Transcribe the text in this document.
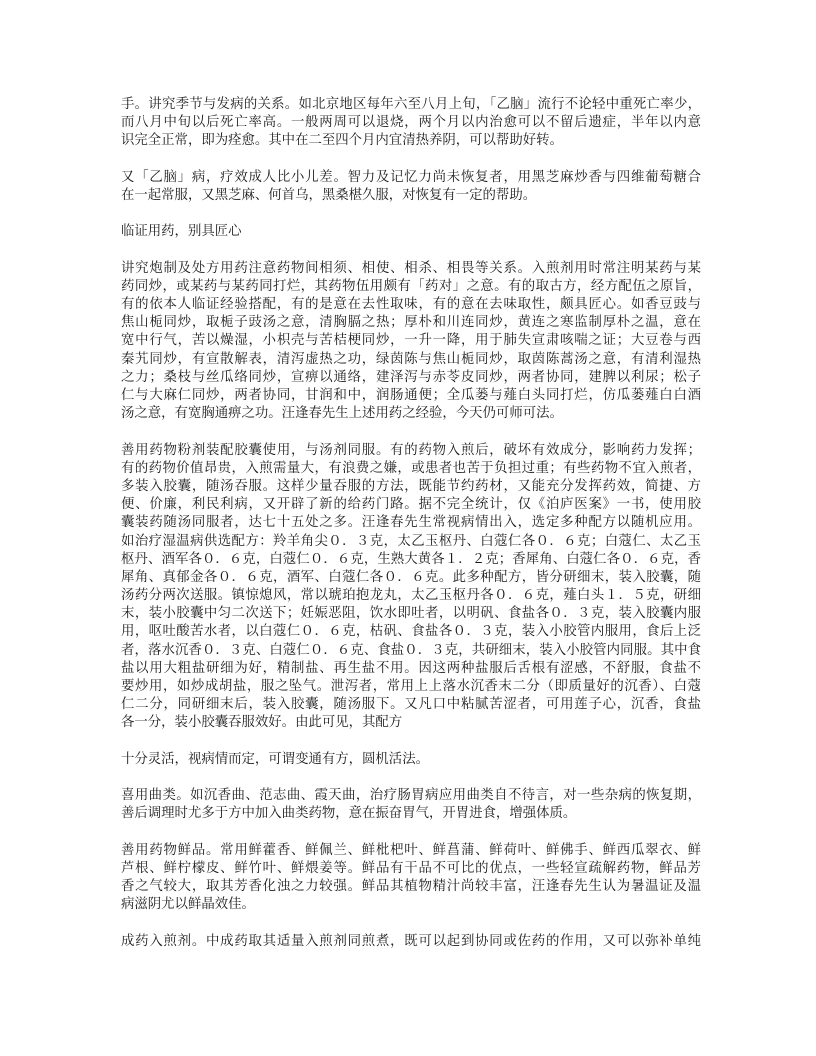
手。讲究季节与发病的关系。如北京地区每年六至八月上旬，「乙脑」流行不论轻中重死亡率少，
而八月中旬以后死亡率高。一般两周可以退烧，两个月以内治愈可以不留后遗症，半年以内意
识完全正常，即为痊愈。其中在二至四个月内宜清热养阴，可以帮助好转。
又「乙脑」病，疗效成人比小儿差。智力及记忆力尚未恢复者，用黑芝麻炒香与四维葡萄糖合
在一起常服，又黑芝麻、何首乌，黑桑椹久服，对恢复有一定的帮助。
临证用药，别具匠心
讲究炮制及处方用药注意药物间相须、相使、相杀、相畏等关系。入煎剂用时常注明某药与某
药同炒，或某药与某药同打烂，其药物伍用颇有「药对」之意。有的取古方，经方配伍之原旨，
有的依本人临证经验搭配，有的是意在去性取味，有的意在去味取性，颇具匠心。如香豆豉与
焦山栀同炒，取栀子豉汤之意，清胸膈之热；厚朴和川连同炒，黄连之寒监制厚朴之温，意在
宽中行气，苦以燥湿，小枳壳与苦桔梗同炒，一升一降，用于肺失宣肃咳喘之证；大豆卷与西
秦艽同炒，有宣散解表，清泻虚热之功，绿茵陈与焦山栀同炒，取茵陈蒿汤之意，有清利湿热
之力；桑枝与丝瓜络同炒，宣痹以通络，建泽泻与赤苓皮同炒，两者协同，建脾以利尿；松子
仁与大麻仁同炒，两者协同，甘润和中，润肠通便；全瓜蒌与薤白头同打烂，仿瓜蒌薤白白酒
汤之意，有宽胸通痹之功。汪逢春先生上述用药之经验，今天仍可师可法。
善用药物粉剂装配胶囊使用，与汤剂同服。有的药物入煎后，破坏有效成分，影响药力发挥；
有的药物价值昂贵，入煎需量大，有浪费之嫌，或患者也苦于负担过重；有些药物不宜入煎者，
多装入胶囊，随汤吞服。这样少量吞服的方法，既能节约药材，又能充分发挥药效，简捷、方
便、价廉，利民利病，又开辟了新的给药门路。据不完全统计，仅《泊庐医案》一书，使用胶
囊装药随汤同服者，达七十五处之多。汪逢春先生常视病情出入，选定多种配方以随机应用。
如治疗湿温病供选配方：羚羊角尖０．３克，太乙玉枢丹、白蔻仁各０．６克；白蔻仁、太乙玉
枢丹、酒军各０．６克，白蔻仁０．６克，生熟大黄各１．２克；香犀角、白蔻仁各０．６克，香
犀角、真郁金各０．６克，酒军、白蔻仁各０．６克。此多种配方，皆分研细末，装入胶囊，随
汤药分两次送服。镇惊熄风，常以琥珀抱龙丸，太乙玉枢丹各０．６克，薤白头１．５克，研细
末，装小胶囊中匀二次送下；妊娠恶阻，饮水即吐者，以明矾、食盐各０．３克，装入胶囊内服
用，呕吐酸苦水者，以白蔻仁０．６克，枯矾、食盐各０．３克，装入小胶管内服用，食后上泛
者，落水沉香０．３克、白蔻仁０．６克、食盐０．３克，共研细末，装入小胶管内同服。其中食
盐以用大粗盐研细为好，精制盐、再生盐不用。因这两种盐服后舌根有涩感，不舒服，食盐不
要炒用，如炒成胡盐，服之坠气。泄泻者，常用上上落水沉香末二分（即质量好的沉香）、白蔻
仁二分，同研细末后，装入胶囊，随汤服下。又凡口中粘腻苦涩者，可用莲子心，沉香，食盐
各一分，装小胶囊吞服效好。由此可见，其配方
十分灵活，视病情而定，可谓变通有方，圆机活法。
喜用曲类。如沉香曲、范志曲、霞天曲，治疗肠胃病应用曲类自不待言，对一些杂病的恢复期，
善后调理时尤多于方中加入曲类药物，意在振奋胃气，开胃进食，增强体质。
善用药物鲜品。常用鲜藿香、鲜佩兰、鲜枇杷叶、鲜菖蒲、鲜荷叶、鲜佛手、鲜西瓜翠衣、鲜
芦根、鲜柠檬皮、鲜竹叶、鲜煨姜等。鲜品有干品不可比的优点，一些轻宣疏解药物，鲜品芳
香之气较大，取其芳香化浊之力较强。鲜品其植物精汁尚较丰富，汪逢春先生认为暑温证及温
病滋阴尤以鲜晶效佳。
成药入煎剂。中成药取其适量入煎剂同煎煮，既可以起到协同或佐药的作用，又可以弥补单纯
